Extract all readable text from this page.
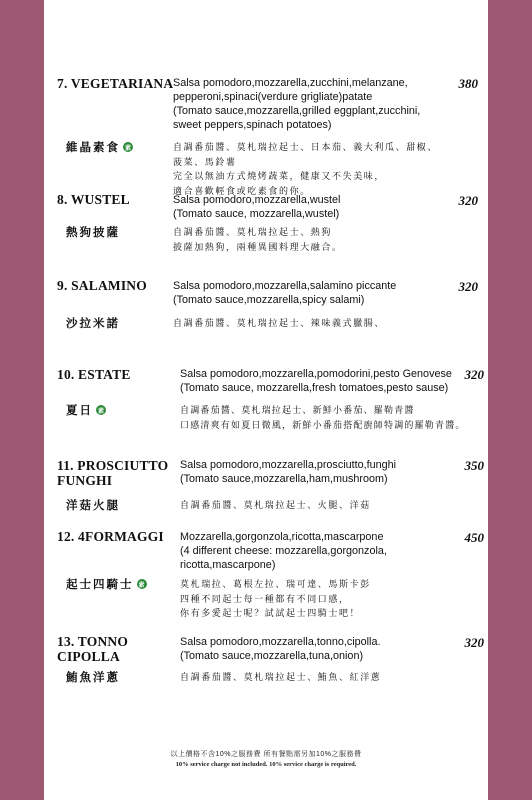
7. VEGETARIANA Salsa pomodoro,mozzarella,zucchini,melanzane,
pepperoni,spinaci(verdure grigliate)patate
(Tomato sauce,mozzarella,grilled eggplant,zucchini,
sweet peppers,spinach potatoes)
380
維晶素食 素	自調番茄醬、莫札瑞拉起士、日本茄、義大利瓜、甜椒、
菠菜、馬鈴薯
完全以無油方式燒烤蔬菜，健康又不失美味，
適合喜歡輕食或吃素食的你。
8. WUSTEL	Salsa pomodoro,mozzarella,wustel
(Tomato sauce, mozzarella,wustel)
320
熱狗披薩	自調番茄醬、莫札瑞拉起士、熱狗
披薩加熱狗，兩種異國料理大融合。
9. SALAMINO Salsa pomodoro,mozzarella,salamino piccante
(Tomato sauce,mozzarella,spicy salami)
320
沙拉米諾	自調番茄醬、莫札瑞拉起士、辣味義式臘腸、
10. ESTATE	Salsa pomodoro,mozzarella,pomodorini,pesto Genovese
(Tomato sauce, mozzarella,fresh tomatoes,pesto sause)
320
夏日 素	自調番茄醬、莫札瑞拉起士、新鮮小番茄、羅勒青醬
口感清爽有如夏日微風，新鮮小番茄搭配廚師特調的羅勒青醬。
11. PROSCIUTTO
FUNGHI
Salsa pomodoro,mozzarella,prosciutto,funghi
(Tomato sauce,mozzarella,ham,mushroom)
350
洋菇火腿	自調番茄醬、莫札瑞拉起士、火腿、洋菇
12. 4FORMAGGI Mozzarella,gorgonzola,ricotta,mascarpone
(4 different cheese: mozzarella,gorgonzola,
ricotta,mascarpone)
450
起士四騎士 素	莫札瑞拉、葛根左拉、瑞可達、馬斯卡彭
四種不同起士每一種都有不同口感，
你有多愛起士呢？試試起士四騎士吧！
13. TONNO
CIPOLLA
Salsa pomodoro,mozzarella,tonno,cipolla.
(Tomato sauce,mozzarella,tuna,onion)
320
鮪魚洋蔥	自調番茄醬、莫札瑞拉起士、鮪魚、紅洋蔥
以上價格不含10%之服務費 所有餐點需另加10%之服務費
10% service charge not included. 10% service charge is required.
